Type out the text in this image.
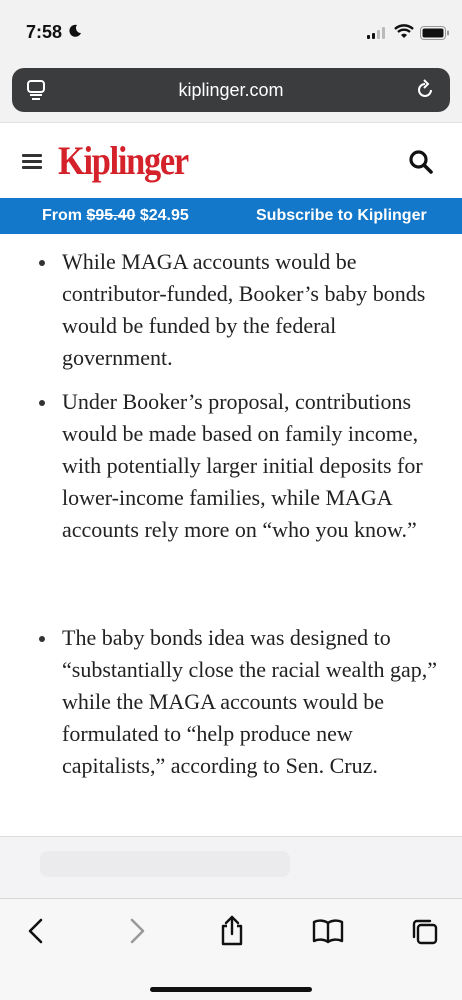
7:58
kiplinger.com
Kiplinger
From $95.40 $24.95	Subscribe to Kiplinger
While MAGA accounts would be contributor-funded, Booker’s baby bonds would be funded by the federal government.
Under Booker’s proposal, contributions would be made based on family income, with potentially larger initial deposits for lower-income families, while MAGA accounts rely more on “who you know.”
The baby bonds idea was designed to “substantially close the racial wealth gap,” while the MAGA accounts would be formulated to “help produce new capitalists,” according to Sen. Cruz.
